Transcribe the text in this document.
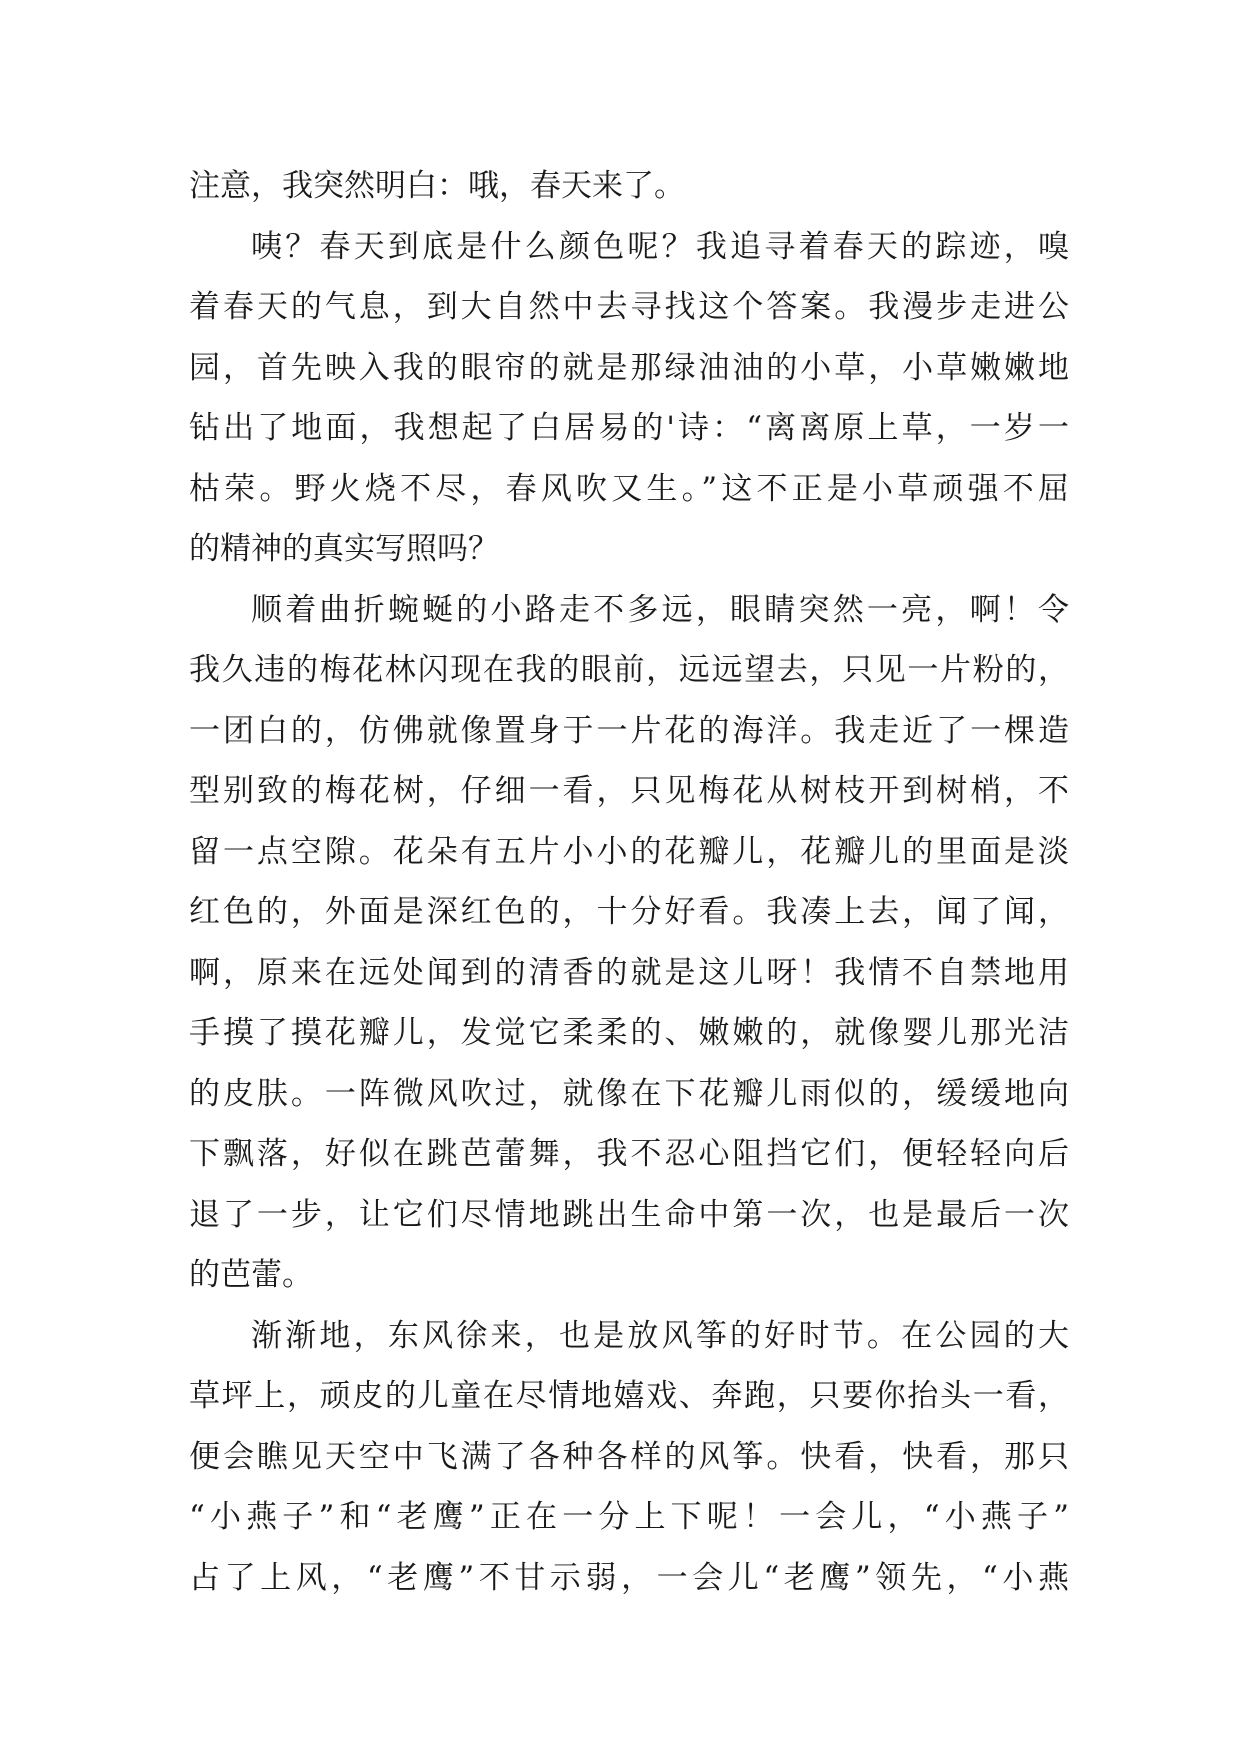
注意，我突然明白：哦，春天来了。
咦？春天到底是什么颜色呢？我追寻着春天的踪迹，嗅
着春天的气息，到大自然中去寻找这个答案。我漫步走进公
园，首先映入我的眼帘的就是那绿油油的小草，小草嫩嫩地
钻出了地面，我想起了白居易的'诗：“离离原上草，一岁一
枯荣。野火烧不尽，春风吹又生。”这不正是小草顽强不屈
的精神的真实写照吗？
顺着曲折蜿蜒的小路走不多远，眼睛突然一亮，啊！令
我久违的梅花林闪现在我的眼前，远远望去，只见一片粉的，
一团白的，仿佛就像置身于一片花的海洋。我走近了一棵造
型别致的梅花树，仔细一看，只见梅花从树枝开到树梢，不
留一点空隙。花朵有五片小小的花瓣儿，花瓣儿的里面是淡
红色的，外面是深红色的，十分好看。我凑上去，闻了闻，
啊，原来在远处闻到的清香的就是这儿呀！我情不自禁地用
手摸了摸花瓣儿，发觉它柔柔的、嫩嫩的，就像婴儿那光洁
的皮肤。一阵微风吹过，就像在下花瓣儿雨似的，缓缓地向
下飘落，好似在跳芭蕾舞，我不忍心阻挡它们，便轻轻向后
退了一步，让它们尽情地跳出生命中第一次，也是最后一次
的芭蕾。
渐渐地，东风徐来，也是放风筝的好时节。在公园的大
草坪上，顽皮的儿童在尽情地嬉戏、奔跑，只要你抬头一看，
便会瞧见天空中飞满了各种各样的风筝。快看，快看，那只
“小燕子”和“老鹰”正在一分上下呢！一会儿，“小燕子”
占了上风，“老鹰”不甘示弱，一会儿“老鹰”领先，“小燕
